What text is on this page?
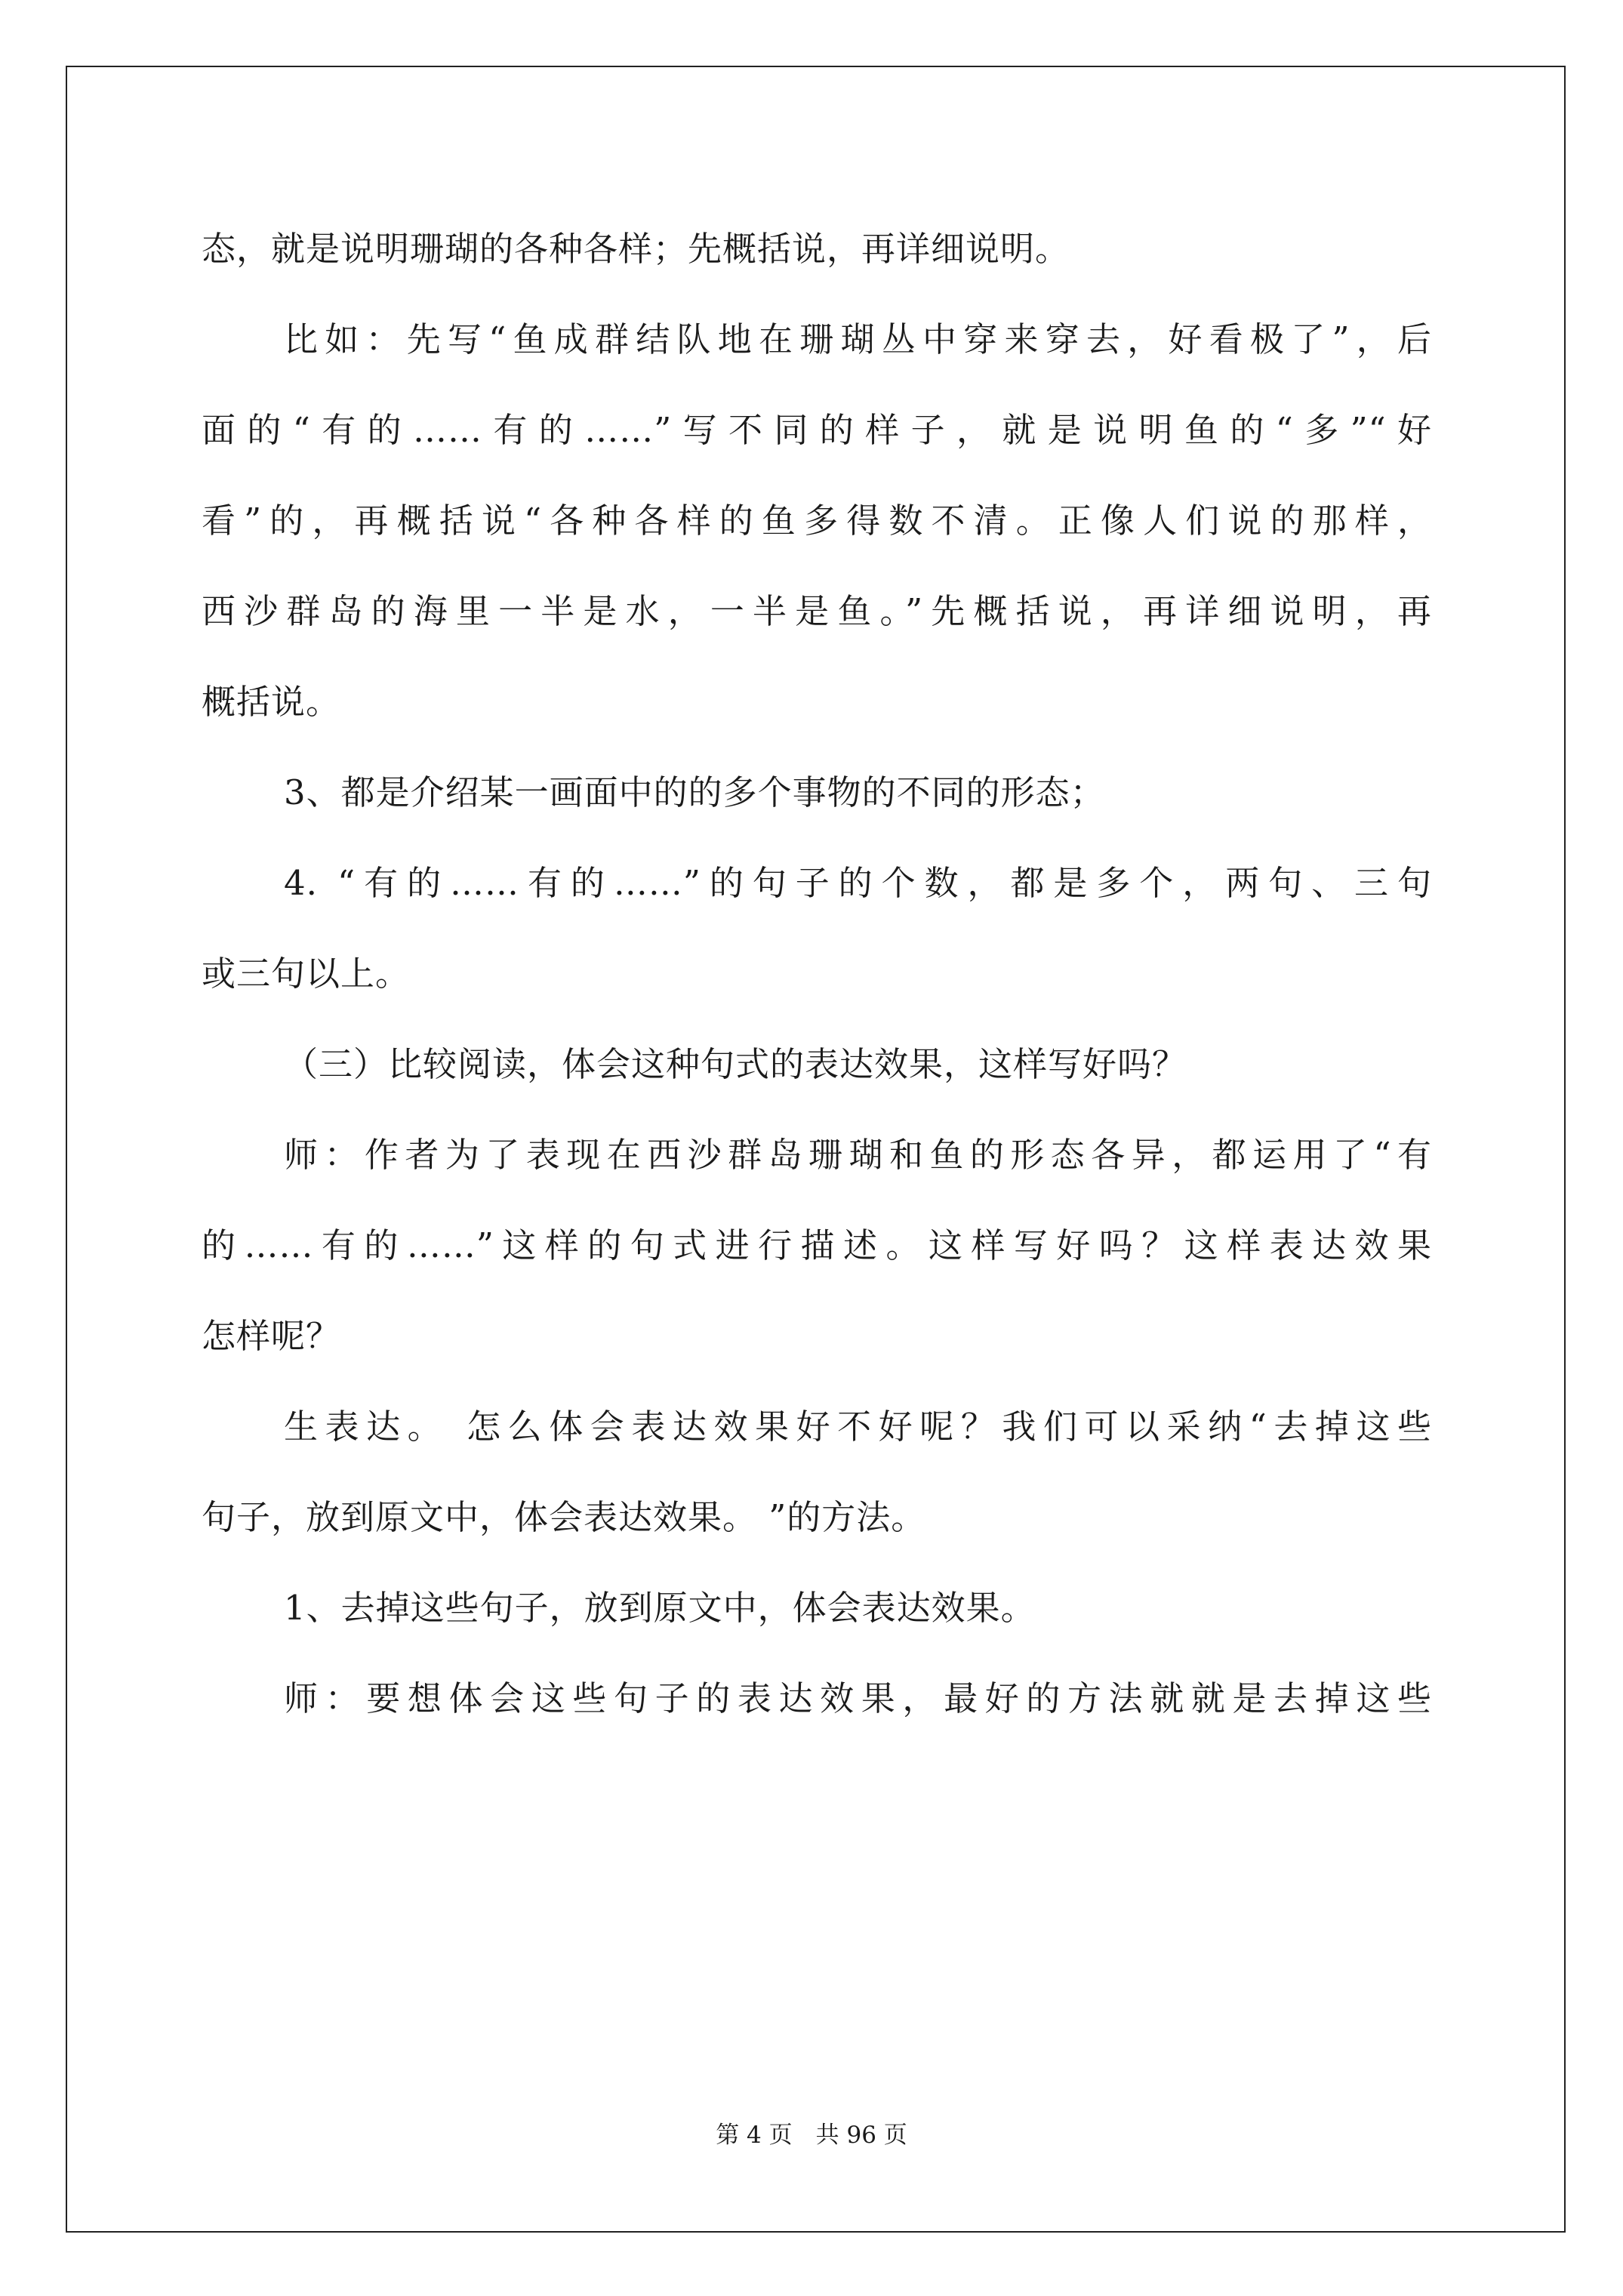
态，就是说明珊瑚的各种各样；先概括说，再详细说明。
比如：先写“鱼成群结队地在珊瑚丛中穿来穿去，好看极了”，后
面的“有的……有的……”写不同的样子，就是说明鱼的“多”“好
看”的，再概括说“各种各样的鱼多得数不清。正像人们说的那样，
西沙群岛的海里一半是水，一半是鱼。”先概括说，再详细说明，再
概括说。
3、都是介绍某一画面中的的多个事物的不同的形态；
4. “有的……有的……”的句子的个数，都是多个，两句、三句
或三句以上。
（三）比较阅读，体会这种句式的表达效果，这样写好吗？
师：作者为了表现在西沙群岛珊瑚和鱼的形态各异，都运用了“有
的……有的……”这样的句式进行描述。这样写好吗？这样表达效果
怎样呢？
生表达。 怎么体会表达效果好不好呢？我们可以采纳“去掉这些
句子，放到原文中，体会表达效果。 ”的方法。
1、去掉这些句子，放到原文中，体会表达效果。
师：要想体会这些句子的表达效果，最好的方法就就是去掉这些
第 4 页　共 96 页
